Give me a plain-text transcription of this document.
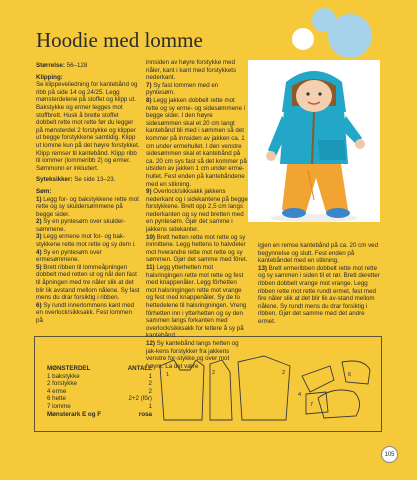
Hoodie med lomme

Størrelse: 56–128

Klipping:

Se klippeveiledning for kantebånd og ribb på side 14 og 24/25. Legg mønsterdelene på stoffet og klipp ut. Bakstykke og ermer legges mot stoffbrett. Husk å brette stoffet dobbelt rette mot rette før du legger på mønsterdel 2 forstykke og klipper ut begge forstykkene samtidig. Klipp ut lomme kun på det høyre forstykket. Klipp remser til kantebånd. Klipp ribb til lommer (lommeribb 2) og ermer. Sømmonn er inkludert.

Syteksikker: Se side 13–23.

Søm:

1) Legg for- og bakstykkene rette mot rette og sy skuldersømmene på begge sider.
2) Sy en pyntesøm over skulder-sømmene.
3) Legg ermene mot for- og bak-stykkene rette mot rette og sy dem i.
4) Sy en pyntesøm over ermesømmene.
5) Brett ribben til lommeåpningen dobbelt med retten ut og nål den fast til åpningen med tre nåler slik at det blir lik avstand mellom nålene. Sy fast mens du drar forsiktig i ribben.
6) Sy rundt innerlommens kant med en overlock/sikksakk. Fest lommen på
innsiden av høyre forstykke med nåler, kant i kant med forstykkets nederkant.
7) Sy fast lommen med en pyntesøm.
8) Legg jakken dobbelt rette mot rette og sy erme- og sidesømmene i begge sider. I den høyre sidesømmen skal et 20 cm langt kantebånd bli med i sømmen så det kommer på innsiden av jakken ca. 1 cm under ermehullet. I den venstre sidesømmen skal et kantebånd på ca. 20 cm sys fast så det kommer på utsiden av jakken 1 cm under erme-hullet. Fest enden på kantebåndene med en stikning.
9) Overlock/sikksakk jakkens nederkant og i sidekantene på begge forstykkene. Brett opp 2,5 cm langs nederkanten og sy ned bretten med en pyntesøm. Gjør det samme i jakkens sidekanter.
10) Brett hetten rette mot rette og sy innnittene. Legg hettens to halvdeler mot hverandre rette mot rette og sy sømmen. Gjør det samme med fôret.
11) Legg ytterhetten mot halsringingen rette mot rette og fest med knappenåler. Legg fôrhetten mot halsringingen rette mot vrange og fest med knappenåler. Sy de to hettedelene til halsringningen. Vreng fôrhetten inn i ytterhetten og sy den sammen langs forkanten med overlock/sikksakk for lettere å sy på kantebånd.
12) Sy kantebånd langs hetten og jak-kens forstykker fra jakkens venstre for-stykke og over mot høyre. La det være
igjen en remse kantebånd på ca. 20 cm ved begynnelse og slutt. Fest enden på kantebåndet med en stikning.
13) Brett ermeribben dobbelt rette mot rette og sy sammen i siden til et rør. Brett deretter ribben dobbelt vrange mot vrange. Legg ribben rette mot rette rundt ermet, fest med fire nåler slik at det blir lik av-stand mellom nålene. Sy rundt mens du drar forsiktig i ribben. Gjør det samme med det andre ermet.
1	2	2
4
6
7
MØNSTERDEL	ANTALL
1 bakstykke	1
2 forstykke	2
4 erme	2
6 hette	2+2 (fôr)
7 lomme	1
Mønsterark E og F	rosa
105
